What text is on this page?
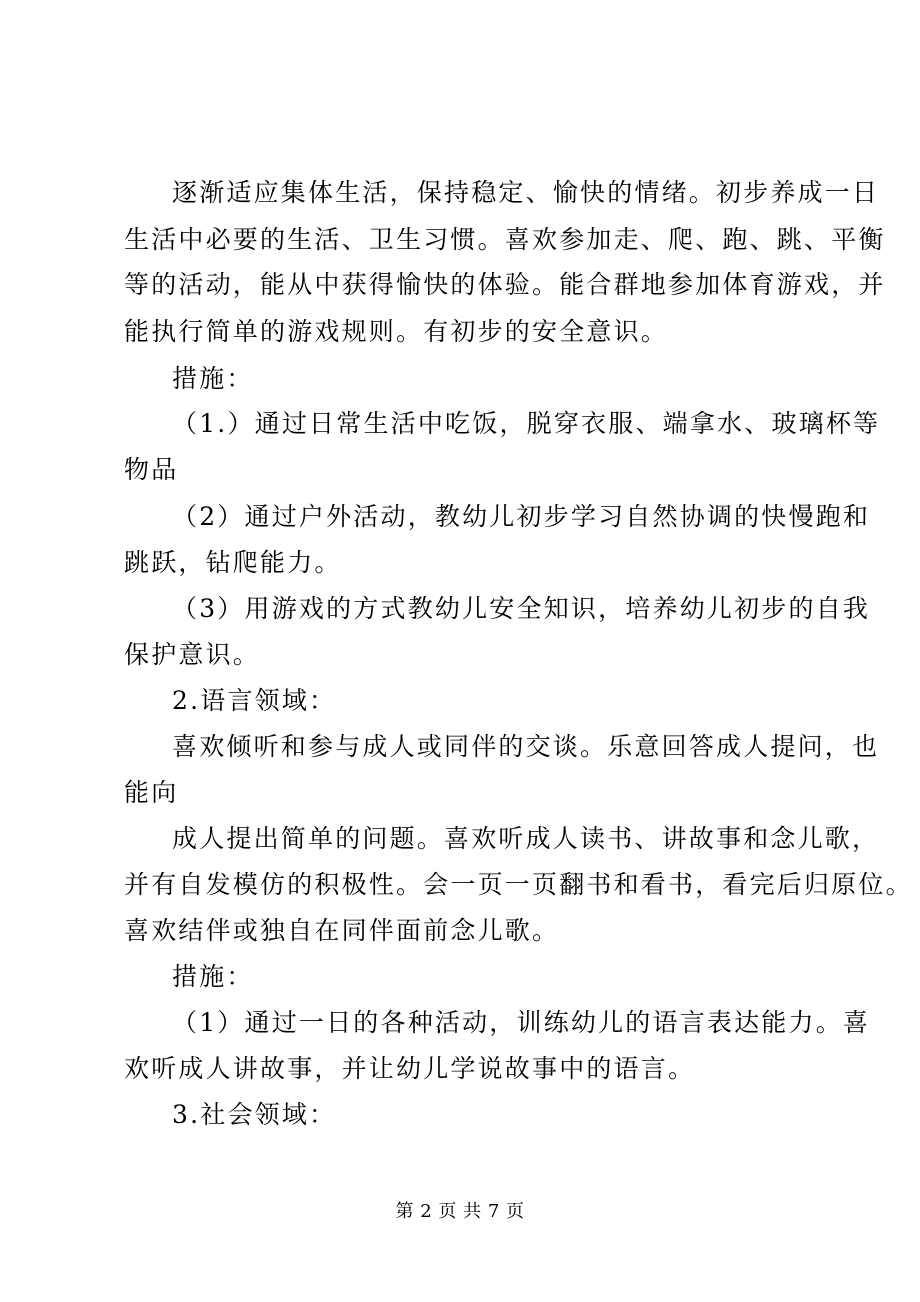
逐渐适应集体生活，保持稳定、愉快的情绪。初步养成一日
生活中必要的生活、卫生习惯。喜欢参加走、爬、跑、跳、平衡
等的活动，能从中获得愉快的体验。能合群地参加体育游戏，并
能执行简单的游戏规则。有初步的安全意识。
措施：
（1.）通过日常生活中吃饭，脱穿衣服、端拿水、玻璃杯等
物品
（2）通过户外活动，教幼儿初步学习自然协调的快慢跑和
跳跃，钻爬能力。
（3）用游戏的方式教幼儿安全知识，培养幼儿初步的自我
保护意识。
2.语言领域：
喜欢倾听和参与成人或同伴的交谈。乐意回答成人提问，也
能向
成人提出简单的问题。喜欢听成人读书、讲故事和念儿歌，
并有自发模仿的积极性。会一页一页翻书和看书，看完后归原位。
喜欢结伴或独自在同伴面前念儿歌。
措施：
（1）通过一日的各种活动，训练幼儿的语言表达能力。喜
欢听成人讲故事，并让幼儿学说故事中的语言。
3.社会领域：
第 2 页 共 7 页
